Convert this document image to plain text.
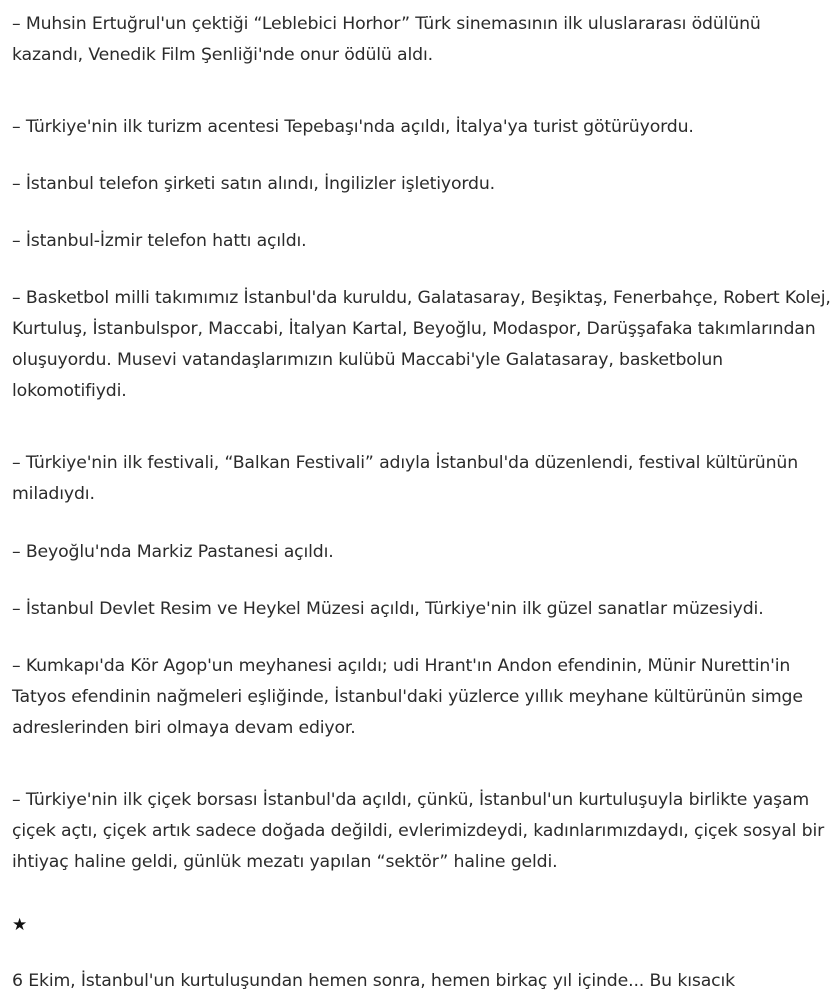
– Muhsin Ertuğrul'un çektiği “Leblebici Horhor” Türk sinemasının ilk uluslararası ödülünü kazandı, Venedik Film Şenliği'nde onur ödülü aldı.

– Türkiye'nin ilk turizm acentesi Tepebaşı'nda açıldı, İtalya'ya turist götürüyordu.

– İstanbul telefon şirketi satın alındı, İngilizler işletiyordu.

– İstanbul-İzmir telefon hattı açıldı.

– Basketbol milli takımımız İstanbul'da kuruldu, Galatasaray, Beşiktaş, Fenerbahçe, Robert Kolej, Kurtuluş, İstanbulspor, Maccabi, İtalyan Kartal, Beyoğlu, Modaspor, Darüşşafaka takımlarından oluşuyordu. Musevi vatandaşlarımızın kulübü Maccabi'yle Galatasaray, basketbolun lokomotifiydi.

– Türkiye'nin ilk festivali, “Balkan Festivali” adıyla İstanbul'da düzenlendi, festival kültürünün miladıydı.

– Beyoğlu'nda Markiz Pastanesi açıldı.

– İstanbul Devlet Resim ve Heykel Müzesi açıldı, Türkiye'nin ilk güzel sanatlar müzesiydi.

– Kumkapı'da Kör Agop'un meyhanesi açıldı; udi Hrant'ın Andon efendinin, Münir Nurettin'in Tatyos efendinin nağmeleri eşliğinde, İstanbul'daki yüzlerce yıllık meyhane kültürünün simge adreslerinden biri olmaya devam ediyor.

– Türkiye'nin ilk çiçek borsası İstanbul'da açıldı, çünkü, İstanbul'un kurtuluşuyla birlikte yaşam çiçek açtı, çiçek artık sadece doğada değildi, evlerimizdeydi, kadınlarımızdaydı, çiçek sosyal bir ihtiyaç haline geldi, günlük mezatı yapılan “sektör” haline geldi.

★

6 Ekim, İstanbul'un kurtuluşundan hemen sonra, hemen birkaç yıl içinde... Bu kısacık
